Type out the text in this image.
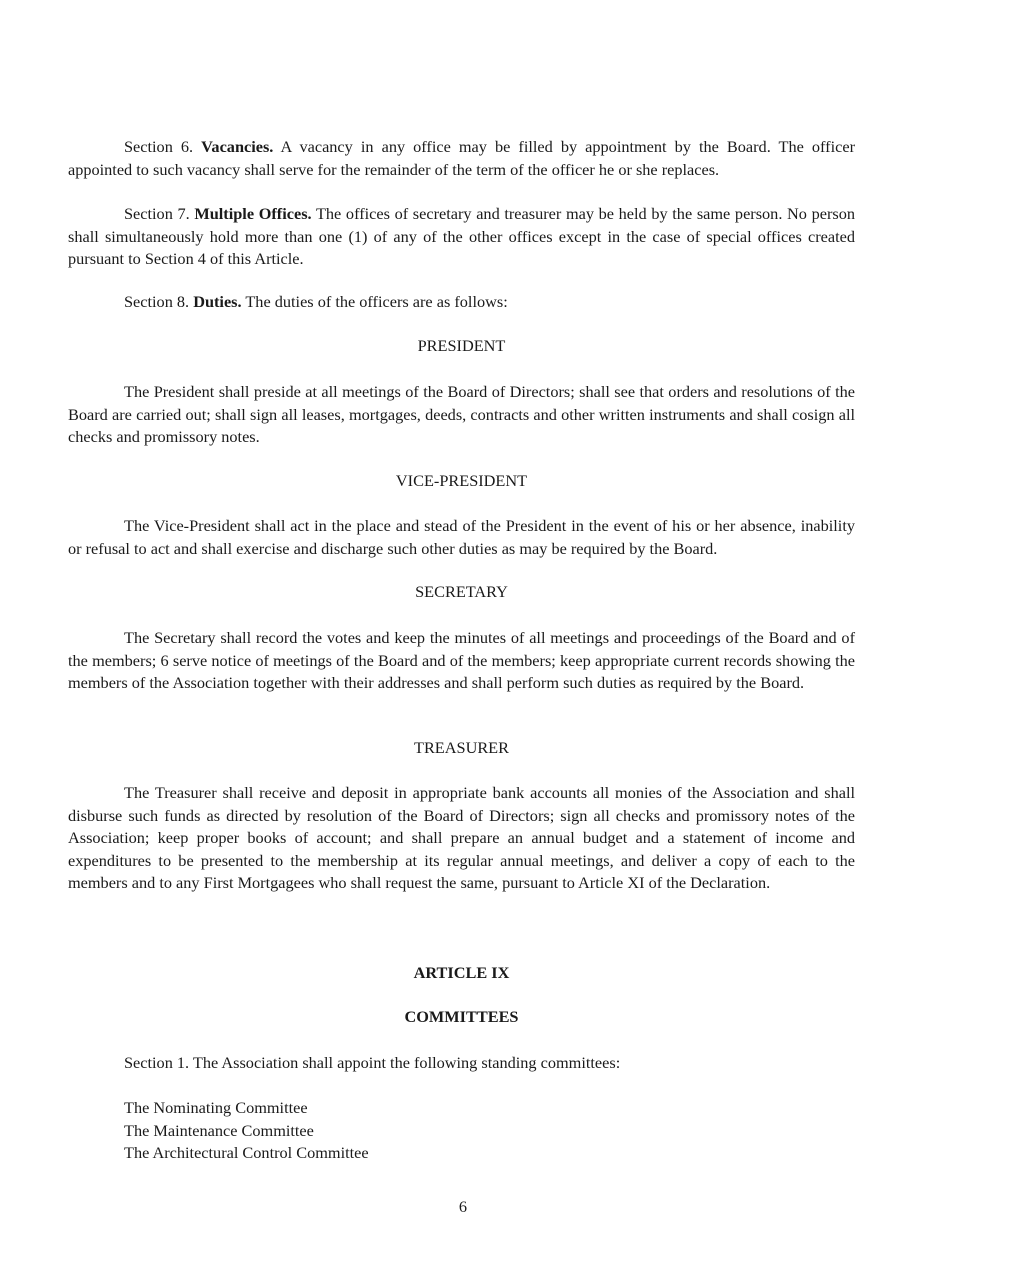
Section 6. Vacancies. A vacancy in any office may be filled by appointment by the Board. The officer appointed to such vacancy shall serve for the remainder of the term of the officer he or she replaces.

Section 7. Multiple Offices. The offices of secretary and treasurer may be held by the same person. No person shall simultaneously hold more than one (1) of any of the other offices except in the case of special offices created pursuant to Section 4 of this Article.

Section 8. Duties. The duties of the officers are as follows:

PRESIDENT

The President shall preside at all meetings of the Board of Directors; shall see that orders and resolutions of the Board are carried out; shall sign all leases, mortgages, deeds, contracts and other written instruments and shall cosign all checks and promissory notes.

VICE-PRESIDENT

The Vice-President shall act in the place and stead of the President in the event of his or her absence, inability or refusal to act and shall exercise and discharge such other duties as may be required by the Board.

SECRETARY

The Secretary shall record the votes and keep the minutes of all meetings and proceedings of the Board and of the members; 6 serve notice of meetings of the Board and of the members; keep appropriate current records showing the members of the Association together with their addresses and shall perform such duties as required by the Board.

TREASURER

The Treasurer shall receive and deposit in appropriate bank accounts all monies of the Association and shall disburse such funds as directed by resolution of the Board of Directors; sign all checks and promissory notes of the Association; keep proper books of account; and shall prepare an annual budget and a statement of income and expenditures to be presented to the membership at its regular annual meetings, and deliver a copy of each to the members and to any First Mortgagees who shall request the same, pursuant to Article XI of the Declaration.

ARTICLE IX

COMMITTEES

Section 1. The Association shall appoint the following standing committees:

The Nominating Committee
The Maintenance Committee
The Architectural Control Committee

6
